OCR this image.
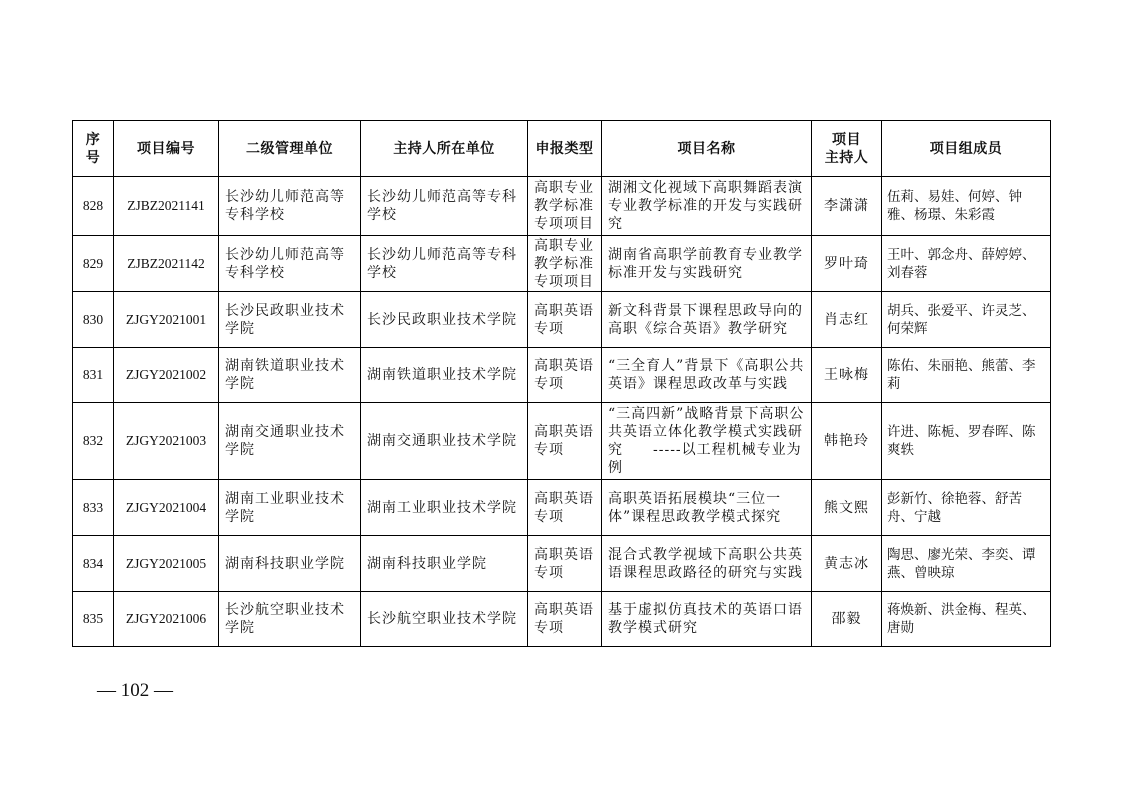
序号	项目编号	二级管理单位	主持人所在单位	申报类型	项目名称	项目
主持人	项目组成员
828	ZJBZ2021141	长沙幼儿师范高等专科学校	长沙幼儿师范高等专科学校	高职专业教学标准专项项目	湖湘文化视域下高职舞蹈表演专业教学标准的开发与实践研究	李潇潇	伍莉、易娃、何婷、钟雅、杨璟、朱彩霞
829	ZJBZ2021142	长沙幼儿师范高等专科学校	长沙幼儿师范高等专科学校	高职专业教学标准专项项目	湖南省高职学前教育专业教学标准开发与实践研究	罗叶琦	王叶、郭念舟、薛婷婷、刘春蓉
830	ZJGY2021001	长沙民政职业技术学院	长沙民政职业技术学院	高职英语专项	新文科背景下课程思政导向的高职《综合英语》教学研究	肖志红	胡兵、张爱平、许灵芝、何荣辉
831	ZJGY2021002	湖南铁道职业技术学院	湖南铁道职业技术学院	高职英语专项	“三全育人”背景下《高职公共英语》课程思政改革与实践	王咏梅	陈佑、朱丽艳、熊蕾、李莉
832	ZJGY2021003	湖南交通职业技术学院	湖南交通职业技术学院	高职英语专项	“三高四新”战略背景下高职公共英语立体化教学模式实践研究　　-----以工程机械专业为例	韩艳玲	许进、陈栀、罗春晖、陈爽轶
833	ZJGY2021004	湖南工业职业技术学院	湖南工业职业技术学院	高职英语专项	高职英语拓展模块“三位一体”课程思政教学模式探究	熊文熙	彭新竹、徐艳蓉、舒苦舟、宁越
834	ZJGY2021005	湖南科技职业学院	湖南科技职业学院	高职英语专项	混合式教学视域下高职公共英语课程思政路径的研究与实践	黄志冰	陶思、廖光荣、李奕、谭燕、曾映琼
835	ZJGY2021006	长沙航空职业技术学院	长沙航空职业技术学院	高职英语专项	基于虚拟仿真技术的英语口语教学模式研究	邵毅	蒋焕新、洪金梅、程英、唐勋
— 102 —
